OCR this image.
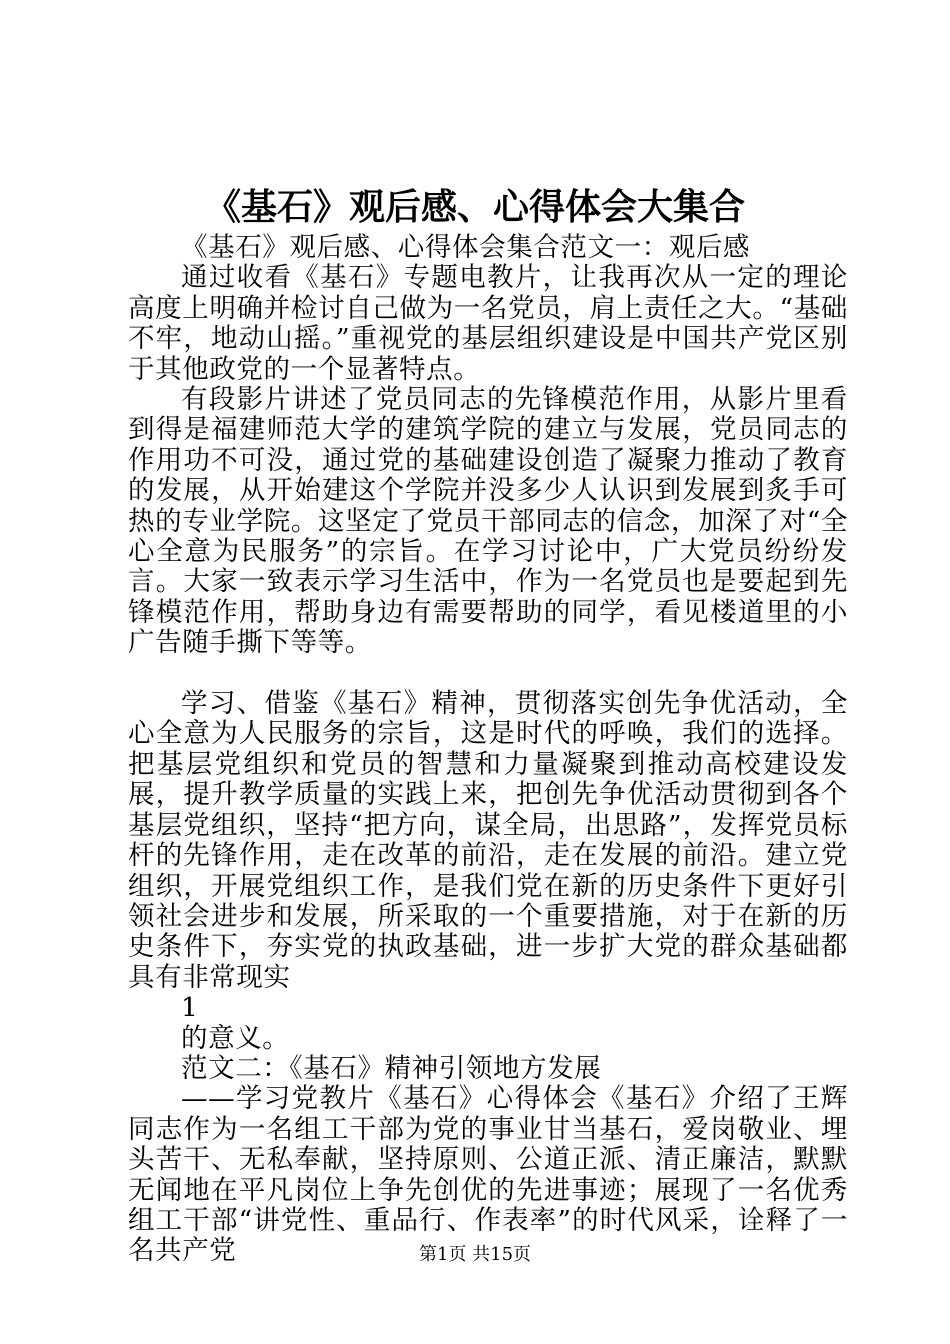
《基石》观后感、心得体会大集合

《基石》观后感、心得体会集合范文一：观后感

通过收看《基石》专题电教片，让我再次从一定的理论高度上明确并检讨自己做为一名党员，肩上责任之大。“基础不牢，地动山摇。”重视党的基层组织建设是中国共产党区别于其他政党的一个显著特点。

有段影片讲述了党员同志的先锋模范作用，从影片里看到得是福建师范大学的建筑学院的建立与发展，党员同志的作用功不可没，通过党的基础建设创造了凝聚力推动了教育的发展，从开始建这个学院并没多少人认识到发展到炙手可热的专业学院。这坚定了党员干部同志的信念，加深了对“全心全意为民服务”的宗旨。在学习讨论中，广大党员纷纷发言。大家一致表示学习生活中，作为一名党员也是要起到先锋模范作用，帮助身边有需要帮助的同学，看见楼道里的小广告随手撕下等等。

学习、借鉴《基石》精神，贯彻落实创先争优活动，全心全意为人民服务的宗旨，这是时代的呼唤，我们的选择。把基层党组织和党员的智慧和力量凝聚到推动高校建设发展，提升教学质量的实践上来，把创先争优活动贯彻到各个基层党组织，坚持“把方向，谋全局，出思路”，发挥党员标杆的先锋作用，走在改革的前沿，走在发展的前沿。建立党组织，开展党组织工作，是我们党在新的历史条件下更好引领社会进步和发展，所采取的一个重要措施，对于在新的历史条件下，夯实党的执政基础，进一步扩大党的群众基础都具有非常现实

1

的意义。

范文二：《基石》精神引领地方发展

——学习党教片《基石》心得体会《基石》介绍了王辉同志作为一名组工干部为党的事业甘当基石，爱岗敬业、埋头苦干、无私奉献，坚持原则、公道正派、清正廉洁，默默无闻地在平凡岗位上争先创优的先进事迹；展现了一名优秀组工干部“讲党性、重品行、作表率”的时代风采，诠释了一名共产党	第1页 共15页
